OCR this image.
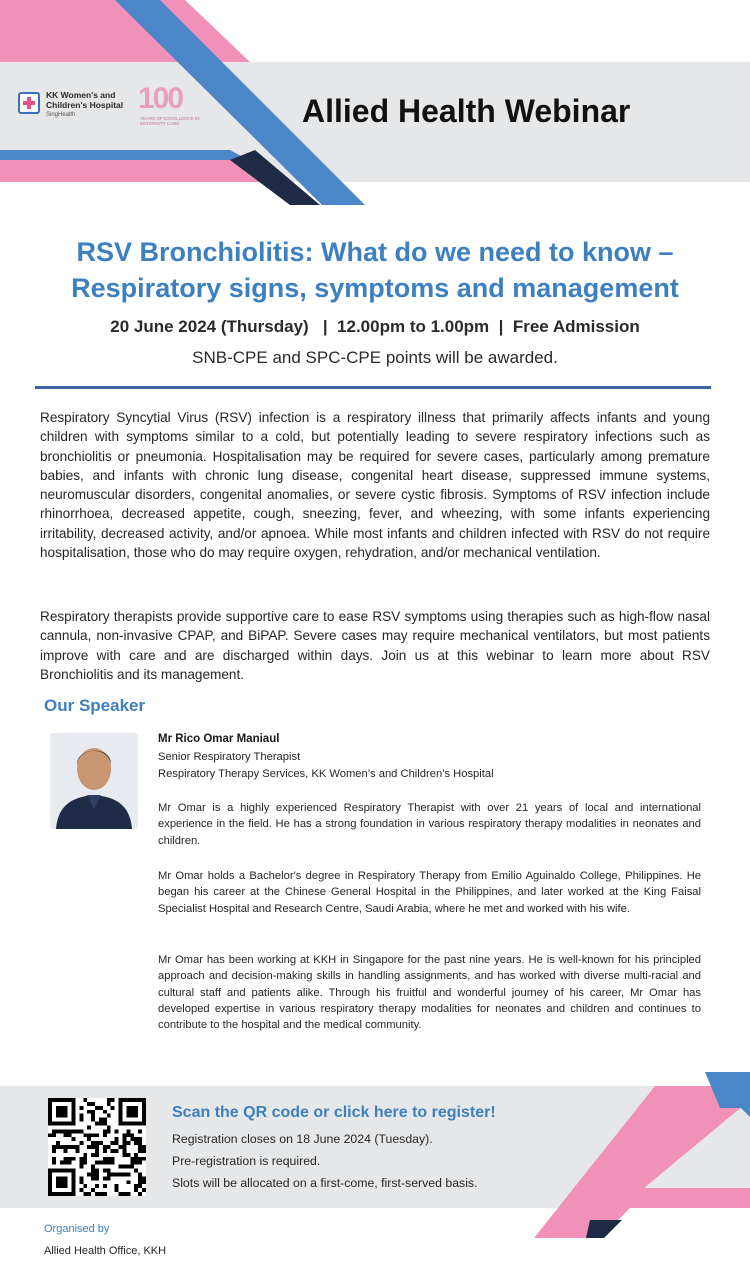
KK Women's and Children's Hospital
SingHealth 100
YEARS OF EXCELLENCE IN MATERNITY CARE	Allied Health Webinar
RSV Bronchiolitis: What do we need to know – Respiratory signs, symptoms and management
20 June 2024 (Thursday)   |  12.00pm to 1.00pm  |  Free Admission
SNB-CPE and SPC-CPE points will be awarded.
Respiratory Syncytial Virus (RSV) infection is a respiratory illness that primarily affects infants and young children with symptoms similar to a cold, but potentially leading to severe respiratory infections such as bronchiolitis or pneumonia. Hospitalisation may be required for severe cases, particularly among premature babies, and infants with chronic lung disease, congenital heart disease, suppressed immune systems, neuromuscular disorders, congenital anomalies, or severe cystic fibrosis. Symptoms of RSV infection include rhinorrhoea, decreased appetite, cough, sneezing, fever, and wheezing, with some infants experiencing irritability, decreased activity, and/or apnoea. While most infants and children infected with RSV do not require hospitalisation, those who do may require oxygen, rehydration, and/or mechanical ventilation.
Respiratory therapists provide supportive care to ease RSV symptoms using therapies such as high-flow nasal cannula, non-invasive CPAP, and BiPAP. Severe cases may require mechanical ventilators, but most patients improve with care and are discharged within days. Join us at this webinar to learn more about RSV Bronchiolitis and its management.
Our Speaker
Mr Rico Omar Maniaul
Senior Respiratory Therapist
Respiratory Therapy Services, KK Women’s and Children’s Hospital
Mr Omar is a highly experienced Respiratory Therapist with over 21 years of local and international experience in the field. He has a strong foundation in various respiratory therapy modalities in neonates and children.
Mr Omar holds a Bachelor's degree in Respiratory Therapy from Emilio Aguinaldo College, Philippines. He began his career at the Chinese General Hospital in the Philippines, and later worked at the King Faisal Specialist Hospital and Research Centre, Saudi Arabia, where he met and worked with his wife.
Mr Omar has been working at KKH in Singapore for the past nine years. He is well-known for his principled approach and decision-making skills in handling assignments, and has worked with diverse multi-racial and cultural staff and patients alike. Through his fruitful and wonderful journey of his career, Mr Omar has developed expertise in various respiratory therapy modalities for neonates and children and continues to contribute to the hospital and the medical community.
Scan the QR code or click here to register!
Registration closes on 18 June 2024 (Tuesday).
Pre-registration is required.
Slots will be allocated on a first-come, first-served basis.
Organised by
Allied Health Office, KKH
